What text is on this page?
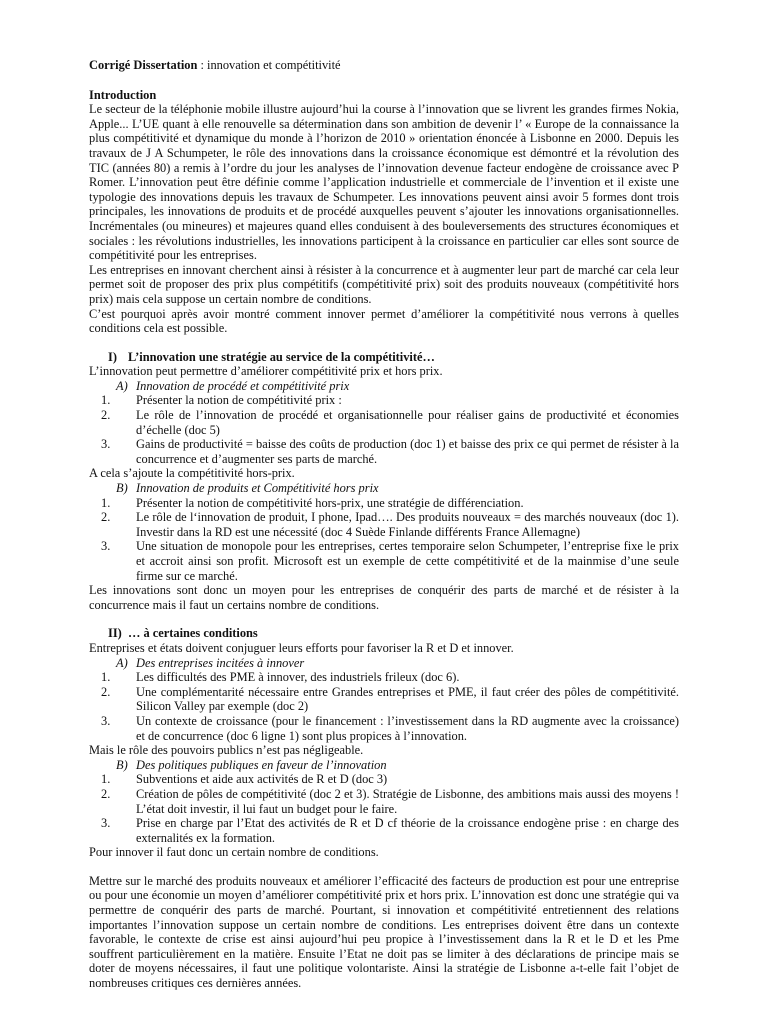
Corrigé Dissertation : innovation et compétitivité

Introduction

Le secteur de la téléphonie mobile illustre aujourd’hui la course à l’innovation que se livrent les grandes firmes Nokia, Apple... L’UE quant à elle renouvelle sa détermination dans son ambition de devenir l’ « Europe de la connaissance la plus compétitivité et dynamique du monde à l’horizon de 2010 » orientation énoncée à Lisbonne en 2000. Depuis les travaux de J A Schumpeter, le rôle des innovations dans la croissance économique est démontré et la révolution des TIC (années 80) a remis à l’ordre du jour les analyses de l’innovation devenue facteur endogène de croissance avec P Romer. L’innovation peut être définie comme l’application industrielle et commerciale de l’invention et il existe une typologie des innovations depuis les travaux de Schumpeter. Les innovations peuvent ainsi avoir 5 formes dont trois principales, les innovations de produits et de procédé auxquelles peuvent s’ajouter les innovations organisationnelles. Incrémentales (ou mineures) et majeures quand elles conduisent à des bouleversements des structures économiques et sociales : les révolutions industrielles, les innovations participent à la croissance en particulier car elles sont source de compétitivité pour les entreprises.

Les entreprises en innovant cherchent ainsi à résister à la concurrence et à augmenter leur part de marché car cela leur permet soit de proposer des prix plus compétitifs (compétitivité prix) soit des produits nouveaux (compétitivité hors prix) mais cela suppose un certain nombre de conditions.

C’est pourquoi après avoir montré comment innover permet d’améliorer la compétitivité nous verrons à quelles conditions cela est possible.

I) L’innovation une stratégie au service de la compétitivité…

L’innovation peut permettre d’améliorer compétitivité prix et hors prix.

A) Innovation de procédé et compétitivité prix

1.	Présenter la notion de compétitivité prix :
2.	Le rôle de l’innovation de procédé et organisationnelle pour réaliser gains de productivité et économies d’échelle (doc 5)
3.	Gains de productivité = baisse des coûts de production (doc 1) et baisse des prix ce qui permet de résister à la concurrence et d’augmenter ses parts de marché.

A cela s’ajoute la compétitivité hors-prix.

B) Innovation de produits et Compétitivité hors prix

1.	Présenter la notion de compétitivité hors-prix, une stratégie de différenciation.
2.	Le rôle de l‘innovation de produit, I phone, Ipad…. Des produits nouveaux = des marchés nouveaux (doc 1). Investir dans la RD est une nécessité (doc 4 Suède Finlande différents France Allemagne)
3.	Une situation de monopole pour les entreprises, certes temporaire selon Schumpeter, l’entreprise fixe le prix et accroit ainsi son profit. Microsoft est un exemple de cette compétitivité et de la mainmise d’une seule firme sur ce marché.

Les innovations sont donc un moyen pour les entreprises de conquérir des parts de marché et de résister à la concurrence mais il faut un certains nombre de conditions.

II) … à certaines conditions

Entreprises et états doivent conjuguer leurs efforts pour favoriser la R et D et innover.

A) Des entreprises incitées à innover

1.	Les difficultés des PME à innover, des industriels frileux (doc 6).
2.	Une complémentarité nécessaire entre Grandes entreprises et PME, il faut créer des pôles de compétitivité. Silicon Valley par exemple (doc 2)
3.	Un contexte de croissance (pour le financement : l’investissement dans la RD augmente avec la croissance) et de concurrence (doc 6 ligne 1) sont plus propices à l’innovation.

Mais le rôle des pouvoirs publics n’est pas négligeable.

B) Des politiques publiques en faveur de l’innovation

1.	Subventions et aide aux activités de R et D (doc 3)
2.	Création de pôles de compétitivité (doc 2 et 3). Stratégie de Lisbonne, des ambitions mais aussi des moyens ! L’état doit investir, il lui faut un budget pour le faire.
3.	Prise en charge par l’Etat des activités de R et D cf théorie de la croissance endogène prise : en charge des externalités ex la formation.

Pour innover il faut donc un certain nombre de conditions.

Mettre sur le marché des produits nouveaux et améliorer l’efficacité des facteurs de production est pour une entreprise ou pour une économie un moyen d’améliorer compétitivité prix et hors prix. L’innovation est donc une stratégie qui va permettre de conquérir des parts de marché. Pourtant, si innovation et compétitivité entretiennent des relations importantes l’innovation suppose un certain nombre de conditions. Les entreprises doivent être dans un contexte favorable, le contexte de crise est ainsi aujourd’hui peu propice à l’investissement dans la R et le D et les Pme souffrent particulièrement en la matière. Ensuite l’Etat ne doit pas se limiter à des déclarations de principe mais se doter de moyens nécessaires, il faut une politique volontariste. Ainsi la stratégie de Lisbonne a-t-elle fait l’objet de nombreuses critiques ces dernières années.
